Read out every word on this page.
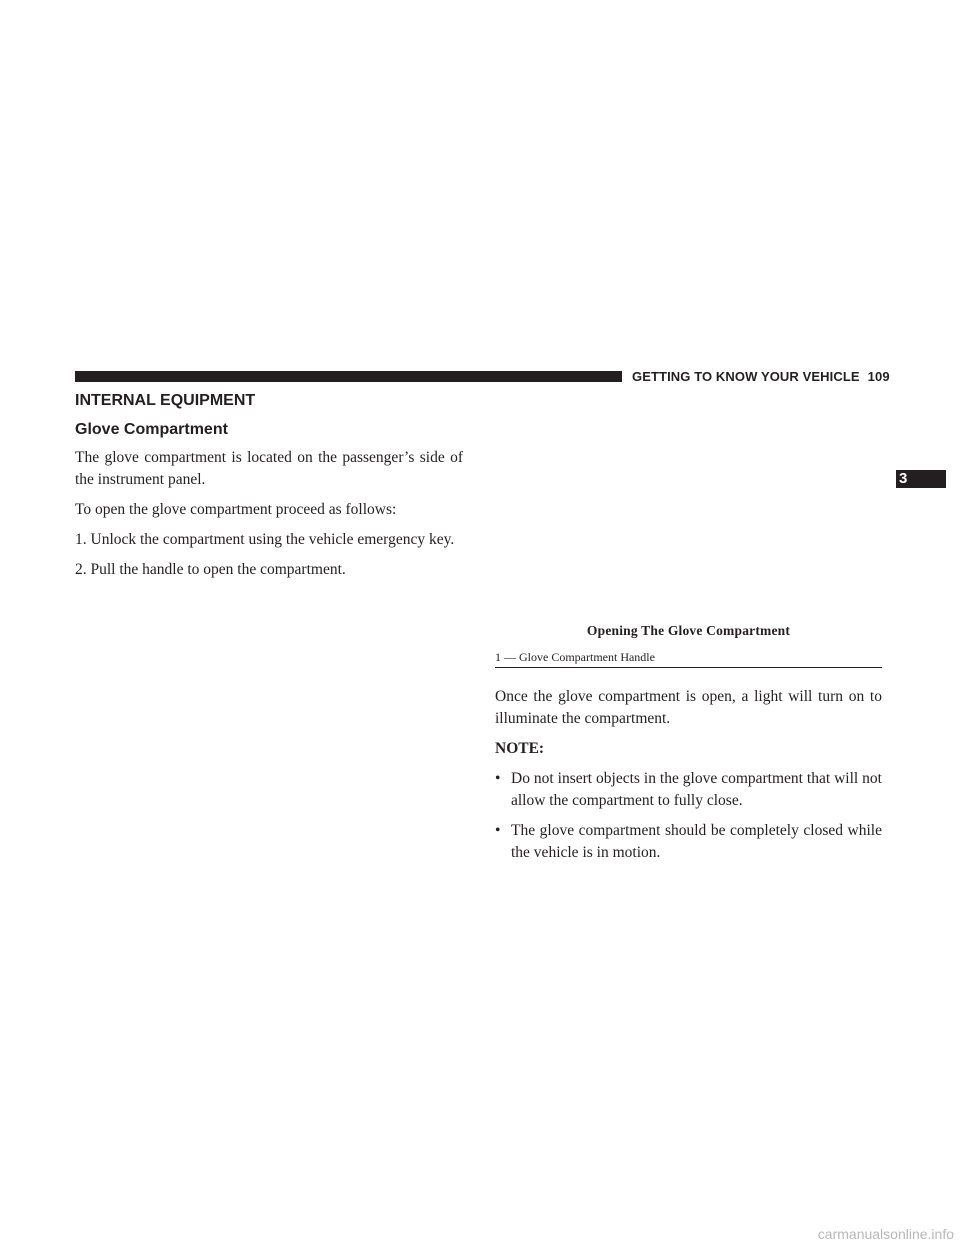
GETTING TO KNOW YOUR VEHICLE 109
3
INTERNAL EQUIPMENT
Glove Compartment

The glove compartment is located on the passenger’s side of the instrument panel.

To open the glove compartment proceed as follows:

1. Unlock the compartment using the vehicle emergency key.

2. Pull the handle to open the compartment.

Opening The Glove Compartment
1 — Glove Compartment Handle

Once the glove compartment is open, a light will turn on to illuminate the compartment.

NOTE:

• Do not insert objects in the glove compartment that will not allow the compartment to fully close.
• The glove compartment should be completely closed while the vehicle is in motion.
carmanualsonline.info
